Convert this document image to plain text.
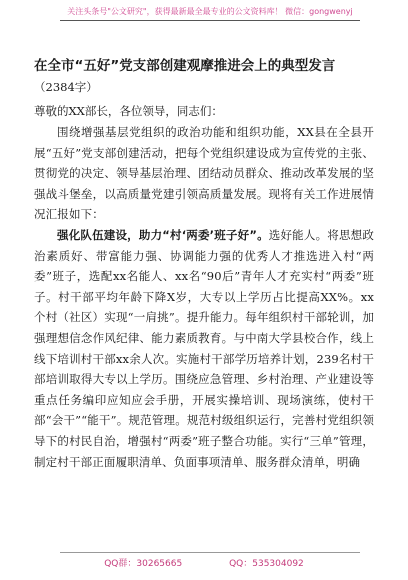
关注头条号"公文研究"，获得最新最全最专业的公文资料库！ 微信：gongwenyj

在全市“五好”党支部创建观摩推进会上的典型发言

（2384字）

尊敬的XX部长，各位领导，同志们：

围绕增强基层党组织的政治功能和组织功能，XX县在全县开展“五好”党支部创建活动，把每个党组织建设成为宣传党的主张、贯彻党的决定、领导基层治理、团结动员群众、推动改革发展的坚强战斗堡垒，以高质量党建引领高质量发展。现将有关工作进展情况汇报如下：

强化队伍建设，助力“村‘两委’班子好”。选好能人。将思想政治素质好、带富能力强、协调能力强的优秀人才推选进入村“两委”班子，选配xx名能人、xx名“90后”青年人才充实村“两委”班子。村干部平均年龄下降X岁，大专以上学历占比提高XX%。xx个村（社区）实现“一肩挑”。提升能力。每年组织村干部轮训，加强理想信念作风纪律、能力素质教育。与中南大学县校合作，线上线下培训村干部xx余人次。实施村干部学历培养计划，239名村干部培训取得大专以上学历。围绕应急管理、乡村治理、产业建设等重点任务编印应知应会手册，开展实操培训、现场演练，使村干部“会干”“能干”。规范管理。规范村级组织运行，完善村党组织领导下的村民自治，增强村“两委”班子整合功能。实行“三单”管理，制定村干部正面履职清单、负面事项清单、服务群众清单，明确

QQ群：30265665	QQ：535304092
